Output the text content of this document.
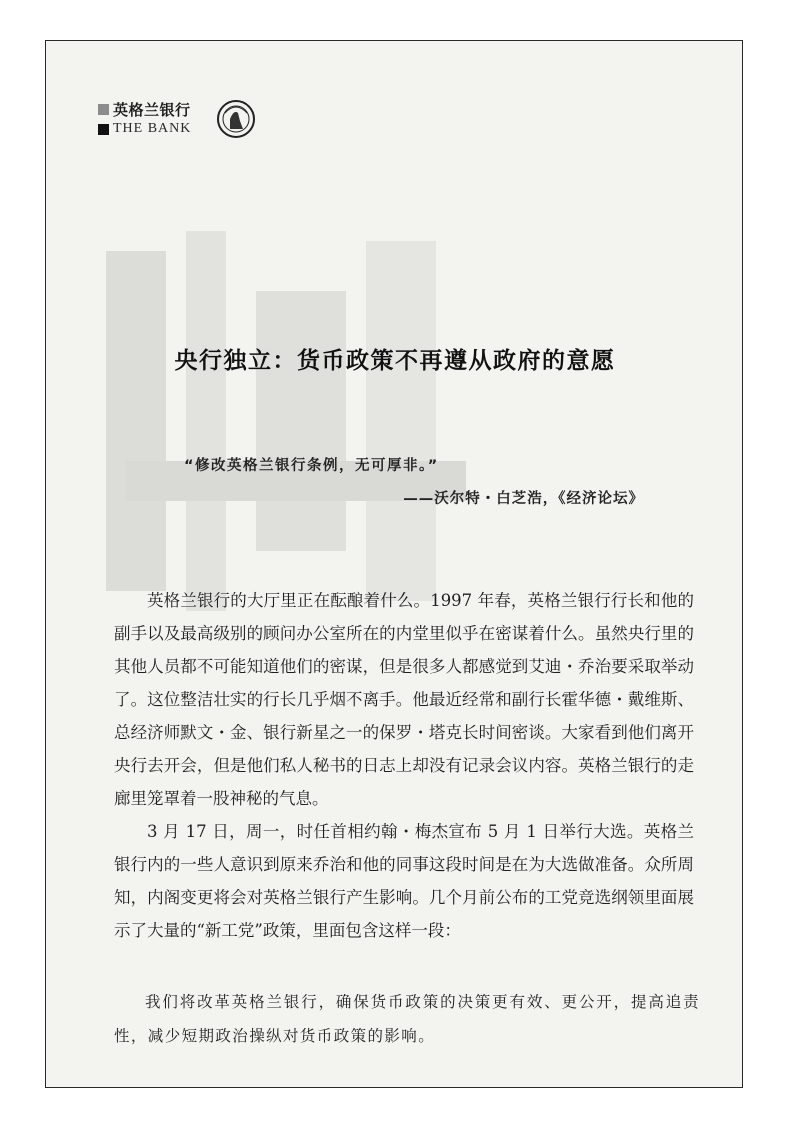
英格兰银行
THE BANK
央行独立：货币政策不再遵从政府的意愿
“修改英格兰银行条例，无可厚非。”
——沃尔特・白芝浩，《经济论坛》

英格兰银行的大厅里正在酝酿着什么。1997 年春，英格兰银行行长和他的副手以及最高级别的顾问办公室所在的内堂里似乎在密谋着什么。虽然央行里的其他人员都不可能知道他们的密谋，但是很多人都感觉到艾迪・乔治要采取举动了。这位整洁壮实的行长几乎烟不离手。他最近经常和副行长霍华德・戴维斯、总经济师默文・金、银行新星之一的保罗・塔克长时间密谈。大家看到他们离开央行去开会，但是他们私人秘书的日志上却没有记录会议内容。英格兰银行的走廊里笼罩着一股神秘的气息。

3 月 17 日，周一，时任首相约翰・梅杰宣布 5 月 1 日举行大选。英格兰银行内的一些人意识到原来乔治和他的同事这段时间是在为大选做准备。众所周知，内阁变更将会对英格兰银行产生影响。几个月前公布的工党竞选纲领里面展示了大量的“新工党”政策，里面包含这样一段：

我们将改革英格兰银行，确保货币政策的决策更有效、更公开，提高追责性，减少短期政治操纵对货币政策的影响。
